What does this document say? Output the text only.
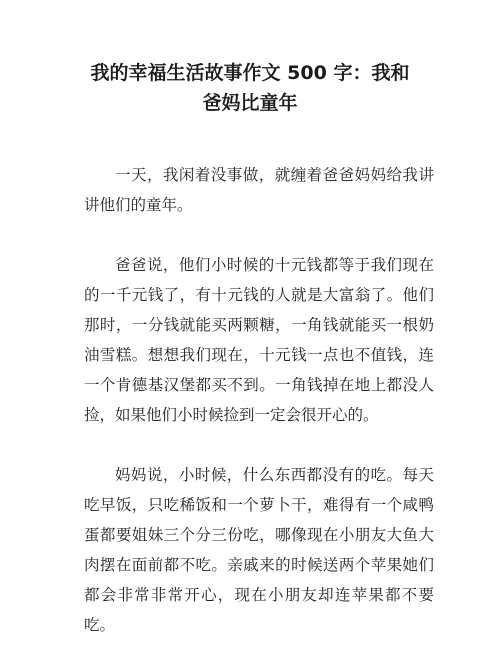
我的幸福生活故事作文 500 字：我和
爸妈比童年

一天，我闲着没事做，就缠着爸爸妈妈给我讲讲他们的童年。

爸爸说，他们小时候的十元钱都等于我们现在的一千元钱了，有十元钱的人就是大富翁了。他们那时，一分钱就能买两颗糖，一角钱就能买一根奶油雪糕。想想我们现在，十元钱一点也不值钱，连一个肯德基汉堡都买不到。一角钱掉在地上都没人捡，如果他们小时候捡到一定会很开心的。

妈妈说，小时候，什么东西都没有的吃。每天吃早饭，只吃稀饭和一个萝卜干，难得有一个咸鸭蛋都要姐妹三个分三份吃，哪像现在小朋友大鱼大肉摆在面前都不吃。亲戚来的时候送两个苹果她们都会非常非常开心，现在小朋友却连苹果都不要吃。
